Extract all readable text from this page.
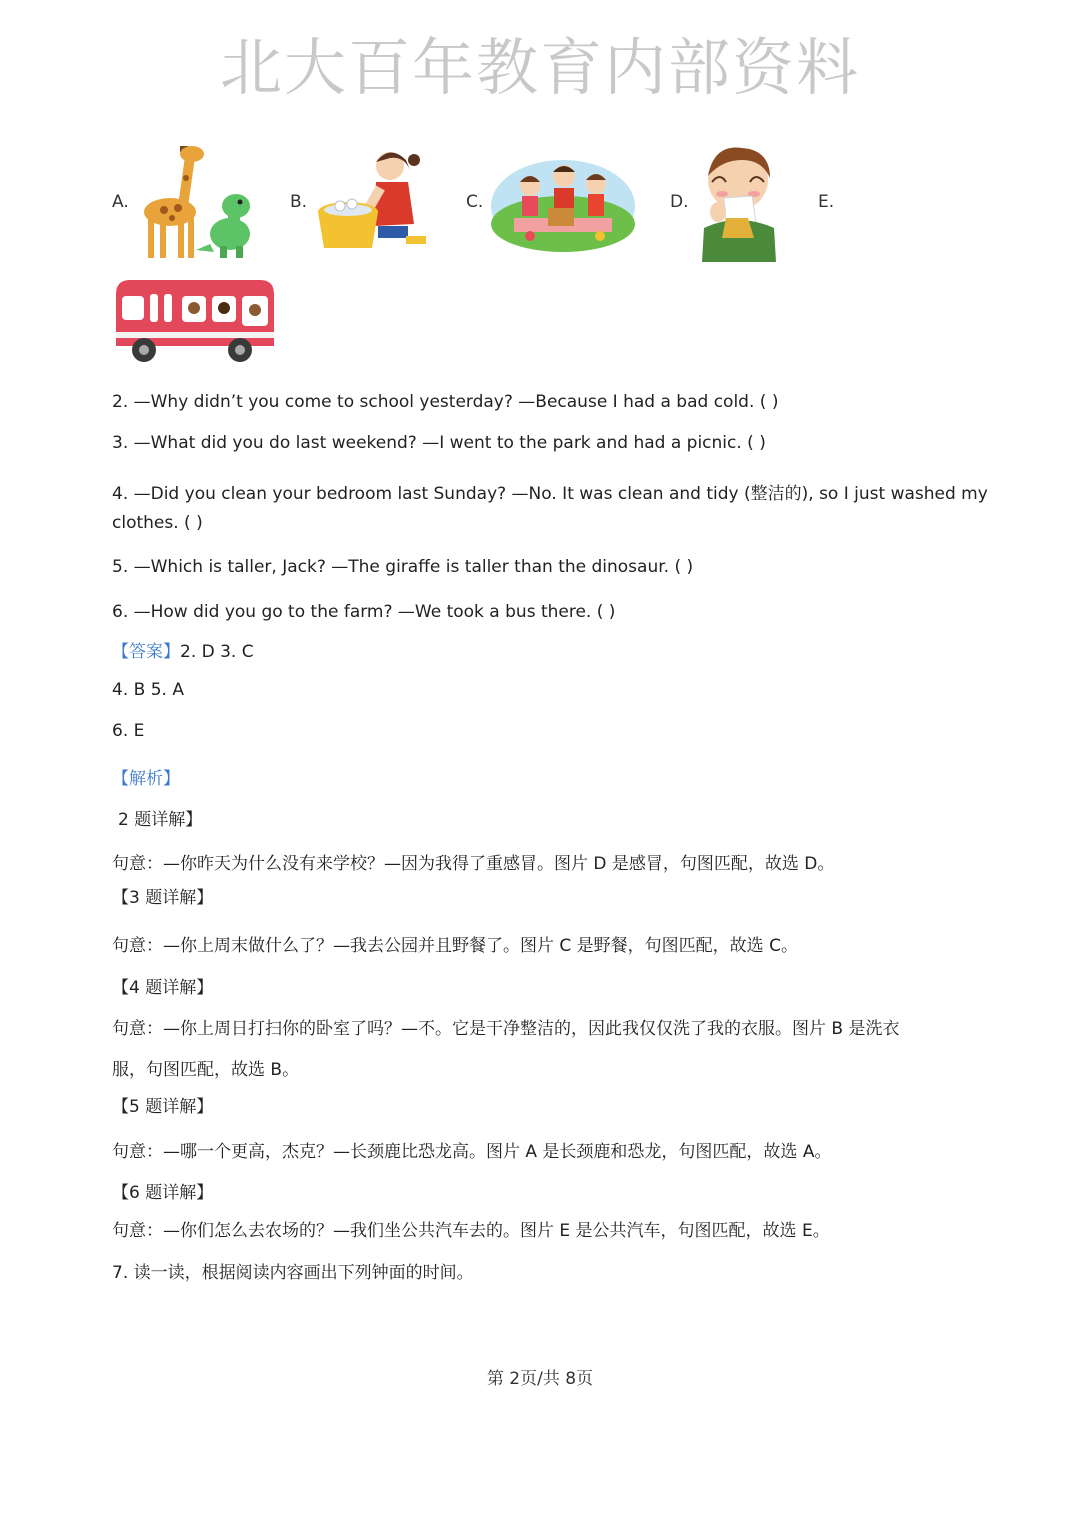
北大百年教育内部资料
A.	B.	C.	D.	E.
2. —Why didn’t you come to school yesterday? —Because I had a bad cold. ( )
3. —What did you do last weekend? —I went to the park and had a picnic. ( )
4. —Did you clean your bedroom last Sunday? —No. It was clean and tidy (整洁的), so I just washed my
clothes. ( )
5. —Which is taller, Jack? —The giraffe is taller than the dinosaur. ( )
6. —How did you go to the farm? —We took a bus there. ( )
【答案】2. D 3. C
4. B 5. A
6. E
【解析】
2 题详解】
句意：—你昨天为什么没有来学校？—因为我得了重感冒。图片 D 是感冒，句图匹配，故选 D。
【3 题详解】
句意：—你上周末做什么了？—我去公园并且野餐了。图片 C 是野餐，句图匹配，故选 C。
【4 题详解】
句意：—你上周日打扫你的卧室了吗？—不。它是干净整洁的，因此我仅仅洗了我的衣服。图片 B 是洗衣
服，句图匹配，故选 B。
【5 题详解】
句意：—哪一个更高，杰克？—长颈鹿比恐龙高。图片 A 是长颈鹿和恐龙，句图匹配，故选 A。
【6 题详解】
句意：—你们怎么去农场的？—我们坐公共汽车去的。图片 E 是公共汽车，句图匹配，故选 E。
7. 读一读，根据阅读内容画出下列钟面的时间。
第 2页/共 8页
